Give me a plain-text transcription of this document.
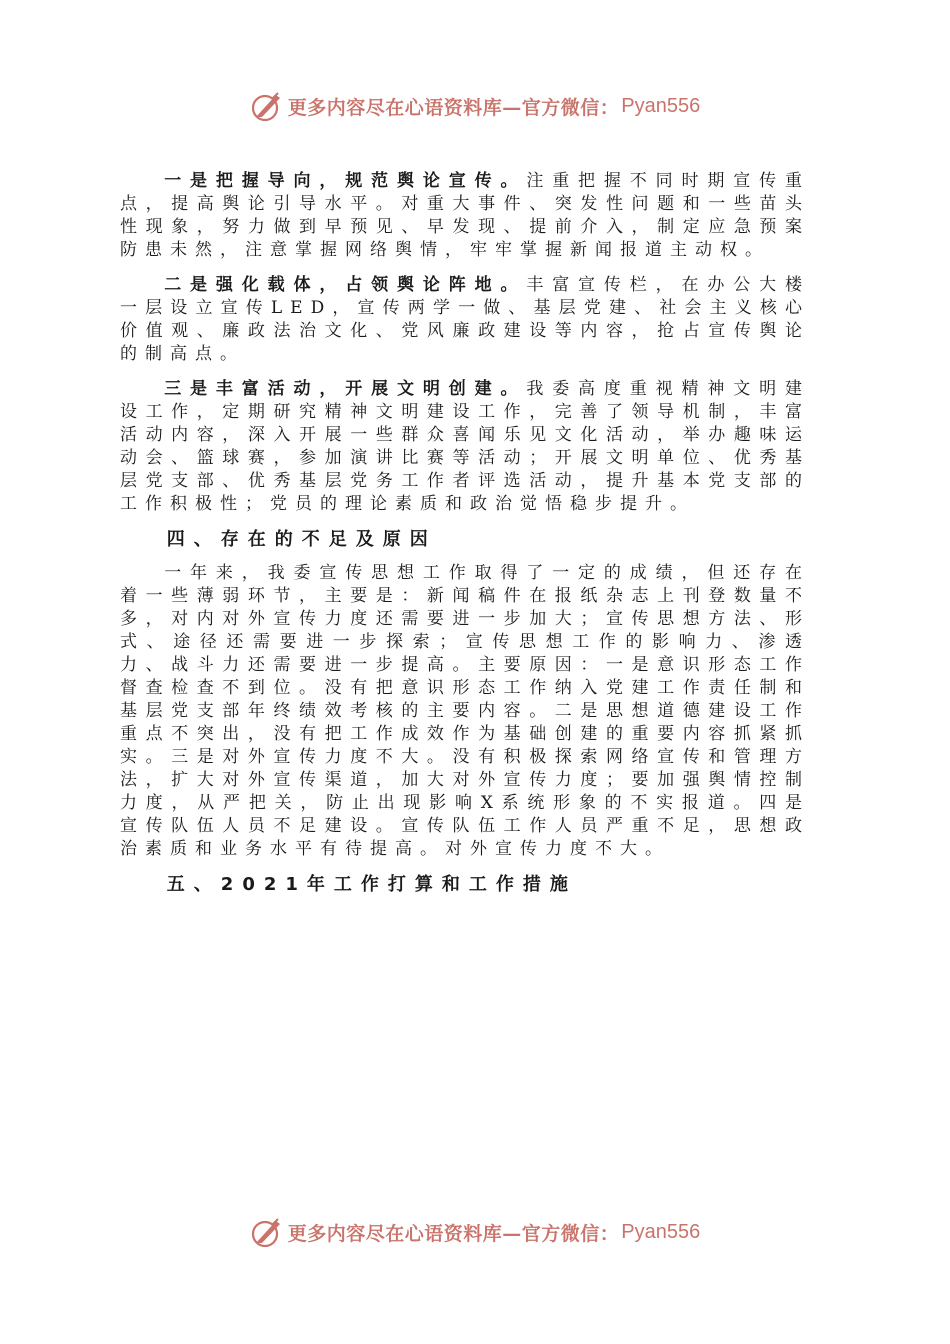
更多内容尽在心语资料库—官方微信： Pyan556

一是把握导向，规范舆论宣传。注重把握不同时期宣传重点，提高舆论引导水平。对重大事件、突发性问题和一些苗头性现象，努力做到早预见、早发现、提前介入，制定应急预案防患未然，注意掌握网络舆情，牢牢掌握新闻报道主动权。

二是强化载体，占领舆论阵地。丰富宣传栏，在办公大楼一层设立宣传LED，宣传两学一做、基层党建、社会主义核心价值观、廉政法治文化、党风廉政建设等内容，抢占宣传舆论的制高点。

三是丰富活动，开展文明创建。我委高度重视精神文明建设工作，定期研究精神文明建设工作，完善了领导机制，丰富活动内容，深入开展一些群众喜闻乐见文化活动，举办趣味运动会、篮球赛，参加演讲比赛等活动；开展文明单位、优秀基层党支部、优秀基层党务工作者评选活动，提升基本党支部的工作积极性；党员的理论素质和政治觉悟稳步提升。

四、存在的不足及原因

一年来，我委宣传思想工作取得了一定的成绩，但还存在着一些薄弱环节，主要是：新闻稿件在报纸杂志上刊登数量不多，对内对外宣传力度还需要进一步加大；宣传思想方法、形式、途径还需要进一步探索；宣传思想工作的影响力、渗透力、战斗力还需要进一步提高。主要原因：一是意识形态工作督查检查不到位。没有把意识形态工作纳入党建工作责任制和基层党支部年终绩效考核的主要内容。二是思想道德建设工作重点不突出，没有把工作成效作为基础创建的重要内容抓紧抓实。三是对外宣传力度不大。没有积极探索网络宣传和管理方法，扩大对外宣传渠道，加大对外宣传力度；要加强舆情控制力度，从严把关，防止出现影响X系统形象的不实报道。四是宣传队伍人员不足建设。宣传队伍工作人员严重不足，思想政治素质和业务水平有待提高。对外宣传力度不大。

五、2021年工作打算和工作措施
更多内容尽在心语资料库—官方微信： Pyan556
